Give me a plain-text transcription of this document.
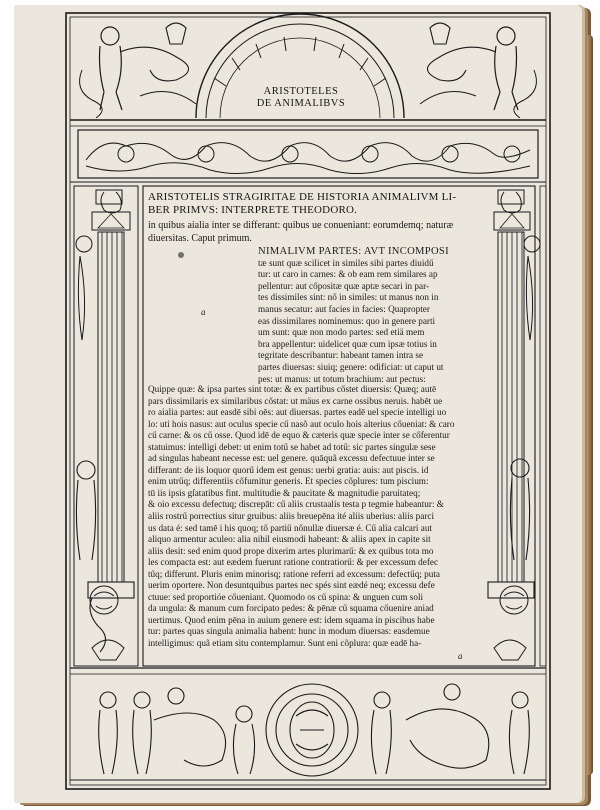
ARISTOTELES
DE ANIMALIBVS
ARISTOTELIS STRAGIRITAE DE HISTORIA ANIMALIVM LI-
BER PRIMVS: INTERPRETE THEODORO.
in quibus aialia inter se differant: quibus ue conueniant: eorumdemq; naturæ
diuersitas. Caput primum.
NIMALIVM PARTES: AVT INCOMPOSI
tæ sunt quæ scilicet in similes sibi partes diuidű
tur: ut caro in carnes: & ob eam rem similares ap
pellentur: aut cőpositæ quæ aptæ secari in par-
tes dissimiles sint: nő in similes: ut manus non in
manus secatur: aut facies in facies: Quapropter
eas dissimilares nominemus: quo in genere parti
um sunt: quæ non modo partes: sed etiä mem
bra appellentur: uidelicet quæ cum ipsæ totius in
tegritate describantur: habeant tamen intra se
partes diuersas: siuiq; genere: odificiat: ut caput ut
pes: ut manus: ut totum brachium: aut pectus:
Quippe quæ: & ipsa partes sint totæ: & ex partibus cőstet diuersis: Quæq; autē
pars dissimilaris ex similaribus cőstat: ut mäus ex carne ossibus neruis. habēt ue
ro aialia partes: aut easdē sibi oēs: aut diuersas. partes eadē uel specie intelligi uo
lo: uti hois nasus: aut oculus specie cű nasõ aut oculo hois alterius cőueniat: & caro
cű carne: & os cű osse. Quod idē de equo & cæteris quæ specie inter se cőferentur
statuimus: intelligi debet: ut enim totű se habet ad totű: sic partes singulæ sese
ad singulas habeant necesse est: uel genere. quāquã excessu defectuue inter se
differant: de iis loquor quorű idem est genus: uerbi gratia: auis: aut piscis. id
enim utrűq; differentiis cőfumitur generis. Et species cőplures: tum piscium:
tū iis ipsis gſatatibus fint. multitudie & paucitate & magnitudie paruitateq;
& oio excessu defectuq; discrepāt: cű aliis crustaalis testa p tegmie habeantur: &
aliis rostrű porrectius situr gruibus: aliis breuepēna ité aliis uberius: aliis parci
us data é: sed tamē i his quoq; tő partiű nőnullæ diuersæ é. Cű alia calcari aut
aliquo armentur aculeo: alia nihil eiusmodi habeant: & aliis apex in capite sit
aliis desit: sed enim quod prope dixerim artes plurimarű: & ex quibus tota mo
les compacta est: aut eædem fuerunt ratione contratiorű: & per excessum defec
tűq; differunt. Pluris enim minorisq; ratione referri ad excessum: defectűq; puta
uerim oportere. Non desuntquibus partes nec spés sint eædé neq; excessu defe
ctuue: sed proportióe cőueniant. Quomodo os cű spina: & unguen cum soli
da ungula: & manum cum forcipato pedes: & pēnæ cű squama cőuenire aniad
uertimus. Quod enim pēna in auium genere est: idem squama in piscibus habe
tur: partes quas singula animalia habent: hunc in modum diuersas: easdemue
intelligimus: quã etiam situ contemplamur. Sunt eni cõplura: quæ eadē ha-
a
a
